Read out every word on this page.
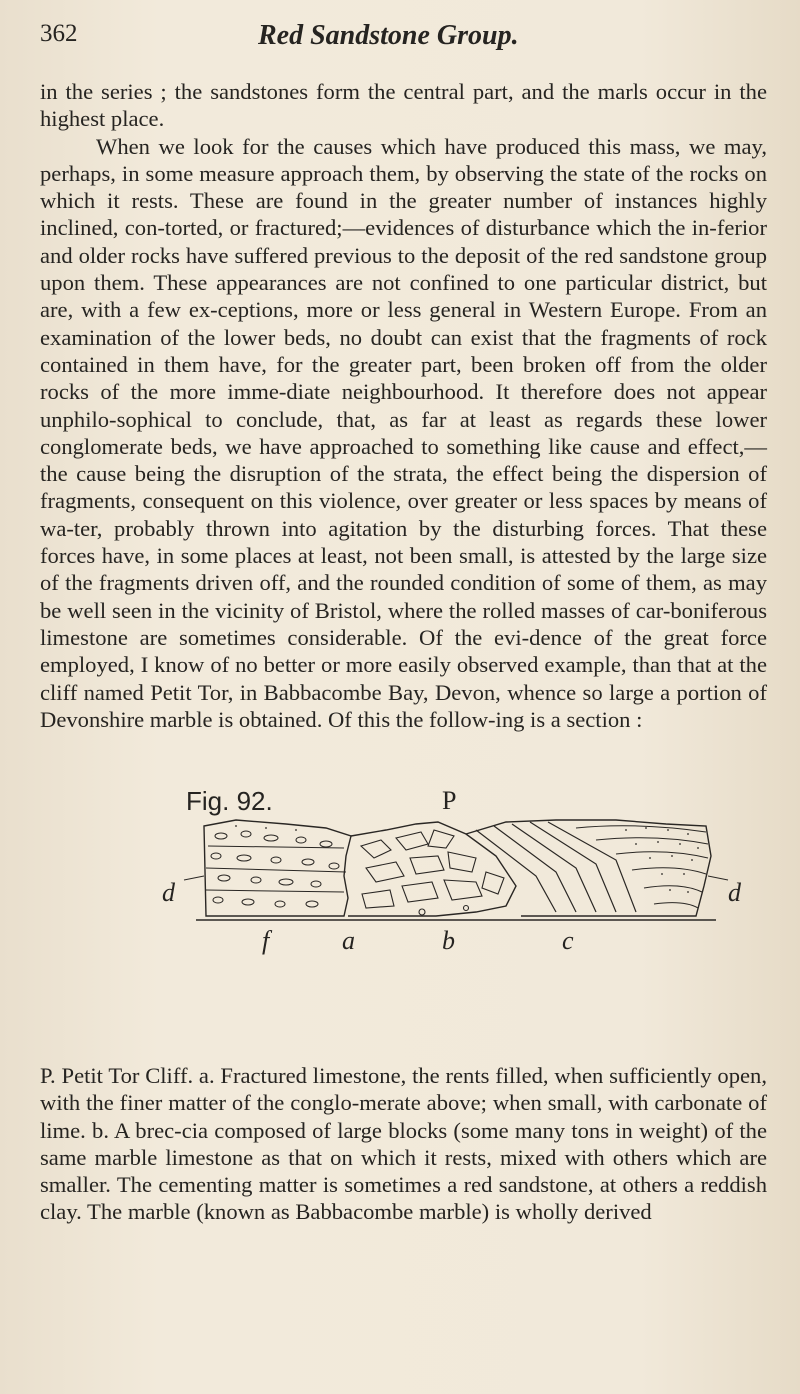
362	Red Sandstone Group.

in the series ; the sandstones form the central part, and the marls occur in the highest place.

When we look for the causes which have produced this mass, we may, perhaps, in some measure approach them, by observing the state of the rocks on which it rests. These are found in the greater number of instances highly inclined, con-torted, or fractured;—evidences of disturbance which the in-ferior and older rocks have suffered previous to the deposit of the red sandstone group upon them. These appearances are not confined to one particular district, but are, with a few ex-ceptions, more or less general in Western Europe. From an examination of the lower beds, no doubt can exist that the fragments of rock contained in them have, for the greater part, been broken off from the older rocks of the more imme-diate neighbourhood. It therefore does not appear unphilo-sophical to conclude, that, as far at least as regards these lower conglomerate beds, we have approached to something like cause and effect,—the cause being the disruption of the strata, the effect being the dispersion of fragments, consequent on this violence, over greater or less spaces by means of wa-ter, probably thrown into agitation by the disturbing forces. That these forces have, in some places at least, not been small, is attested by the large size of the fragments driven off, and the rounded condition of some of them, as may be well seen in the vicinity of Bristol, where the rolled masses of car-boniferous limestone are sometimes considerable. Of the evi-dence of the great force employed, I know of no better or more easily observed example, than that at the cliff named Petit Tor, in Babbacombe Bay, Devon, whence so large a portion of Devonshire marble is obtained. Of this the follow-ing is a section :

Fig. 92.	P
d	d
f	a	b	c

P. Petit Tor Cliff. a. Fractured limestone, the rents filled, when sufficiently open, with the finer matter of the conglo-merate above; when small, with carbonate of lime. b. A brec-cia composed of large blocks (some many tons in weight) of the same marble limestone as that on which it rests, mixed with others which are smaller. The cementing matter is sometimes a red sandstone, at others a reddish clay. The marble (known as Babbacombe marble) is wholly derived
